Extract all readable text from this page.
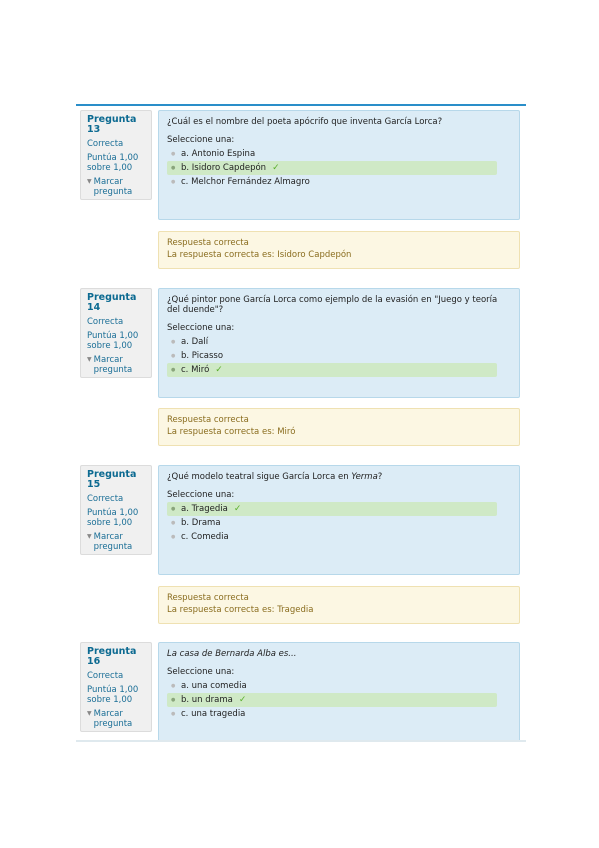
Pregunta 13
Correcta
Puntúa 1,00 sobre 1,00
▼ Marcar pregunta
¿Cuál es el nombre del poeta apócrifo que inventa García Lorca?
Seleccione una:
● a. Antonio Espina
● b. Isidoro Capdepón ✓
● c. Melchor Fernández Almagro
Respuesta correcta
La respuesta correcta es: Isidoro Capdepón
Pregunta 14
Correcta
Puntúa 1,00 sobre 1,00
▼ Marcar pregunta
¿Qué pintor pone García Lorca como ejemplo de la evasión en "Juego y teoría del duende"?
Seleccione una:
● a. Dalí
● b. Picasso
● c. Miró ✓
Respuesta correcta
La respuesta correcta es: Miró
Pregunta 15
Correcta
Puntúa 1,00 sobre 1,00
▼ Marcar pregunta
¿Qué modelo teatral sigue García Lorca en Yerma?
Seleccione una:
● a. Tragedia ✓
● b. Drama
● c. Comedia
Respuesta correcta
La respuesta correcta es: Tragedia
Pregunta 16
Correcta
Puntúa 1,00 sobre 1,00
▼ Marcar pregunta
La casa de Bernarda Alba es...
Seleccione una:
● a. una comedia
● b. un drama ✓
● c. una tragedia
